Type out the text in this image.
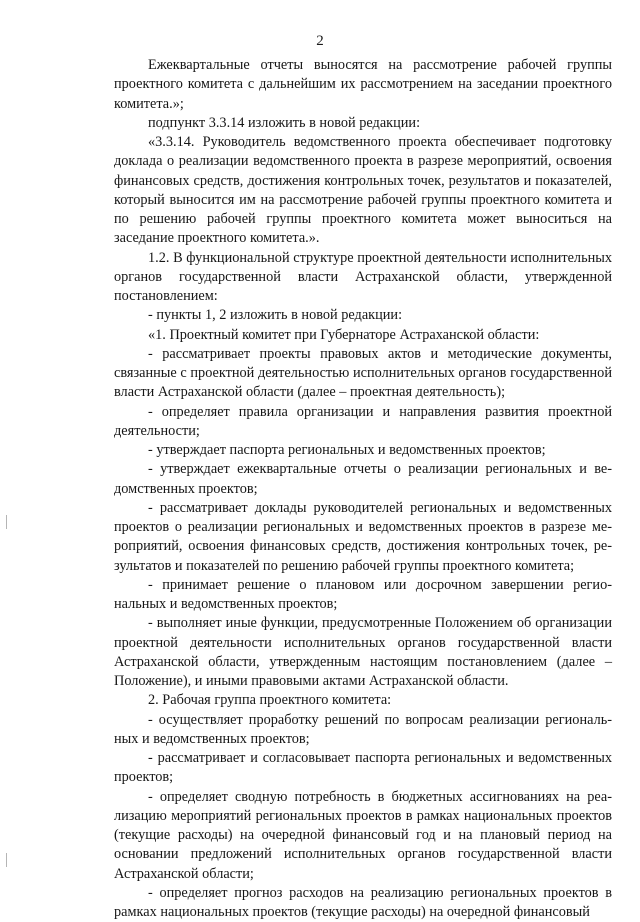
2

Ежеквартальные отчеты выносятся на рассмотрение рабочей группы проектного комитета с дальнейшим их рассмотрением на заседании проектного комитета.»;

подпункт 3.3.14 изложить в новой редакции:

«3.3.14. Руководитель ведомственного проекта обеспечивает подготовку доклада о реализации ведомственного проекта в разрезе мероприятий, освоения финансовых средств, достижения контрольных точек, результатов и показателей, который выносится им на рассмотрение рабочей группы проектного комитета и по решению рабочей группы проектного комитета может выноситься на заседание проектного комитета.».

1.2. В функциональной структуре проектной деятельности исполнительных органов государственной власти Астраханской области, утвержденной постановлением:

- пункты 1, 2 изложить в новой редакции:

«1. Проектный комитет при Губернаторе Астраханской области:

- рассматривает проекты правовых актов и методические документы, связанные с проектной деятельностью исполнительных органов государственной власти Астраханской области (далее – проектная деятельность);

- определяет правила организации и направления развития проектной деятельности;

- утверждает паспорта региональных и ведомственных проектов;

- утверждает ежеквартальные отчеты о реализации региональных и ведомственных проектов;

- рассматривает доклады руководителей региональных и ведомственных проектов о реализации региональных и ведомственных проектов в разрезе мероприятий, освоения финансовых средств, достижения контрольных точек, результатов и показателей по решению рабочей группы проектного комитета;

- принимает решение о плановом или досрочном завершении региональных и ведомственных проектов;

- выполняет иные функции, предусмотренные Положением об организации проектной деятельности исполнительных органов государственной власти Астраханской области, утвержденным настоящим постановлением (далее – Положение), и иными правовыми актами Астраханской области.

2. Рабочая группа проектного комитета:

- осуществляет проработку решений по вопросам реализации региональных и ведомственных проектов;

- рассматривает и согласовывает паспорта региональных и ведомственных проектов;

- определяет сводную потребность в бюджетных ассигнованиях на реализацию мероприятий региональных проектов в рамках национальных проектов (текущие расходы) на очередной финансовый год и на плановый период на основании предложений исполнительных органов государственной власти Астраханской области;

- определяет прогноз расходов на реализацию региональных проектов в рамках национальных проектов (текущие расходы) на очередной финансовый
